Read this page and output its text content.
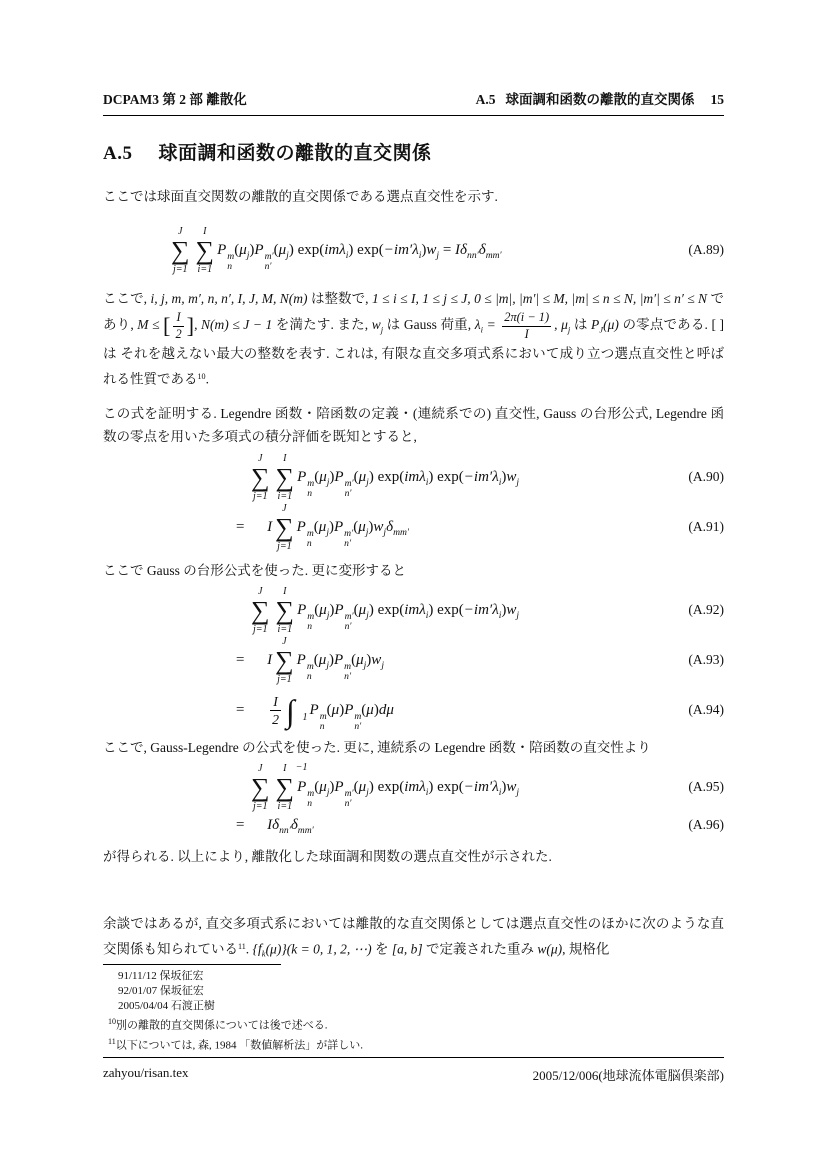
DCPAM3 第 2 部 離散化	A.5 球面調和函数の離散的直交関係 15
A.5 球面調和函数の離散的直交関係

ここでは球面直交関数の離散的直交関係である選点直交性を示す.

J
∑
j=1
I
∑
i=1
P m
n
$(\mu_j)P$ m′
n′
$(\mu_j)$ exp(imλ$_i$) $\exp(-im'\lambda_i)w_j = I\delta_{nn'}\delta_{mm'}$	(A.89)

ここで, i, j, m, m′, n, n′, I, J, M, N(m) は整数で, 1 ≤ i ≤ I, 1 ≤ j ≤ J, 0 ≤ |m|, |m′| ≤ M, |m| ≤ n ≤ N, |m′| ≤ n′ ≤ N であり, M ≤ [ $\frac{I}{2}$ ], N(m) ≤ J − 1 を満たす. また, $w_j$ は Gauss 荷重, $\lambda_i = \frac{2\pi(i - 1)}{I}$ , $\mu_j$ は $P_J(\mu)$ の零点である. [ ] は それを越えない最大の整数を表す. これは, 有限な直交多項式系において成り立つ選点直交性と呼ばれる性質である$^{10}$.

この式を証明する. Legendre 函数・陪函数の定義・(連続系での) 直交性, Gauss の台形公式, Legendre 函数の零点を用いた多項式の積分評価を既知とすると,

J
∑
j=1
I
∑
i=1
P m
n
$(\mu_j)P$ m′
n′
$(\mu_j)$ exp(imλ$_i$) $\exp(-im'\lambda_i)w_j$	(A.90)
= I
J
∑
j=1
P m
n
$(\mu_j)P$ m′
n′
$(\mu_j)w_j\delta_{mm'}$	(A.91)

ここで Gauss の台形公式を使った. 更に変形すると

J
∑
j=1
I
∑
i=1
P m
n
$(\mu_j)P$ m′
n′
$(\mu_j)$ exp(imλ$_i$) $\exp(-im'\lambda_i)w_j$	(A.92)
= I
J
∑
j=1
P m
n
$(\mu_j)P$ m
n′
$(\mu_j)w_j$	(A.93)
= $\frac{I}{2}$ ∫ 1
−1
P m
n
(μ)P m
n′
(μ)dμ	(A.94)

ここで, Gauss-Legendre の公式を使った. 更に, 連続系の Legendre 函数・陪函数の直交性より

J
∑
j=1
I
∑
i=1
P m
n
$(\mu_j)P$ m′
n′
$(\mu_j)$ exp(imλ$_i$) $\exp(-im'\lambda_i)w_j$	(A.95)
= $I\delta_{nn'}\delta_{mm'}$	(A.96)

が得られる. 以上により, 離散化した球面調和関数の選点直交性が示された.

余談ではあるが, 直交多項式系においては離散的な直交関係としては選点直交性のほかに次のような直交関係も知られている$^{11}$. $\{f_k(\mu)\}(k = 0$, 1, 2, ⋯) を [a, b] で定義された重み w(μ), 規格化

91/11/12 保坂征宏
92/01/07 保坂征宏
2005/04/04 石渡正樹
$^{10}$別の離散的直交関係については後で述べる.
$^{11}$以下については, 森, 1984 「数値解析法」が詳しい.
zahyou/risan.tex	2005/12/006(地球流体電脳倶楽部)
